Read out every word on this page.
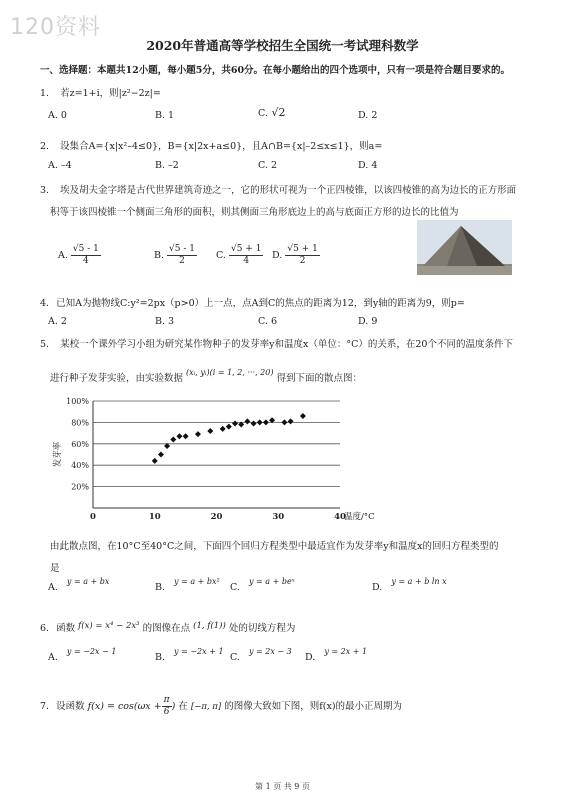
120资料
2020年普通高等学校招生全国统一考试理科数学
一、选择题：本题共12小题，每小题5分，共60分。在每小题给出的四个选项中，只有一项是符合题目要求的。
1. 若z=1+i，则|z²−2z|=
A. 0	B. 1	C. √2	D. 2
2. 设集合A={x|x²–4≤0}，B={x|2x+a≤0}，且A∩B={x|–2≤x≤1}，则a=
A. –4	B. –2	C. 2	D. 4
3. 埃及胡夫金字塔是古代世界建筑奇迹之一，它的形状可视为一个正四棱锥，以该四棱锥的高为边长的正方形面
积等于该四棱锥一个侧面三角形的面积，则其侧面三角形底边上的高与底面正方形的边长的比值为
A. $\frac{√5 - 1}{4}$	B. $\frac{√5 - 1}{2} C$. $\frac{√5 + 1}{4} D$. $\frac{√5 + 1}{2}$
4. 已知A为抛物线C:y²=2px（p>0）上一点，点A到C的焦点的距离为12，到y轴的距离为9，则p=
A. 2	B. 3	C. 6	D. 9
5. 某校一个课外学习小组为研究某作物种子的发芽率y和温度x（单位：°C）的关系，在20个不同的温度条件下
进行种子发芽实验，由实验数据 $^{(xᵢ, yᵢ)(i = 1, 2, \cdot\cdot\cdot, 20)}$ 得到下面的散点图：
20%
40%
60%
80%
100%
0	10	20	30	40
温度/°C
发芽率
由此散点图，在10°C至40°C之间，下面四个回归方程类型中最适宜作为发芽率y和温度x的回归方程类型的
是
A. $^{y = a + bx}$
B. $^{y = a + bx^2}$
C. $^{y = a + beˣ}$
D. $^{y = a + b ln x}$
6. 函数 f(x) = x⁴ − 2x³ 的图像在点 (1, f(1)) 处的切线方程为
A. $^{y = -2x - 1}$
B. $^{y = -2x + 1}$
C. $^{y = 2x - 3}$
D. $^{y = 2x + 1}$
7. 设函数 $f(x) = \cos(\omega x + \frac{\pi}{6}$ ) 在 [−π, π] 的图像大致如下图，则f(x)的最小正周期为
第 1 页 共 9 页
